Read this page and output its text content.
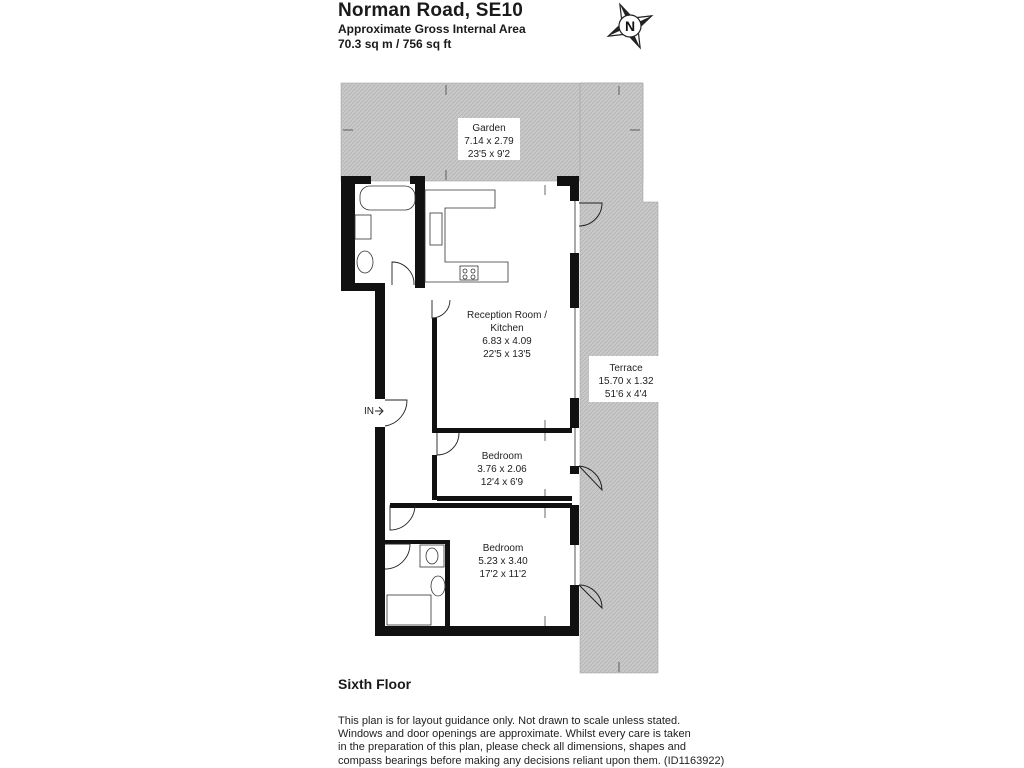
Norman Road, SE10
Approximate Gross Internal Area
70.3 sq m / 756 sq ft
N
Garden
7.14 x 2.79
23'5 x 9'2
Reception Room /
Kitchen
6.83 x 4.09
22'5 x 13'5
Terrace
15.70 x 1.32
51'6 x 4'4
Bedroom
3.76 x 2.06
12'4 x 6'9
Bedroom
5.23 x 3.40
17'2 x 11'2
IN
Sixth Floor
This plan is for layout guidance only. Not drawn to scale unless stated.
Windows and door openings are approximate. Whilst every care is taken
in the preparation of this plan, please check all dimensions, shapes and
compass bearings before making any decisions reliant upon them. (ID1163922)
